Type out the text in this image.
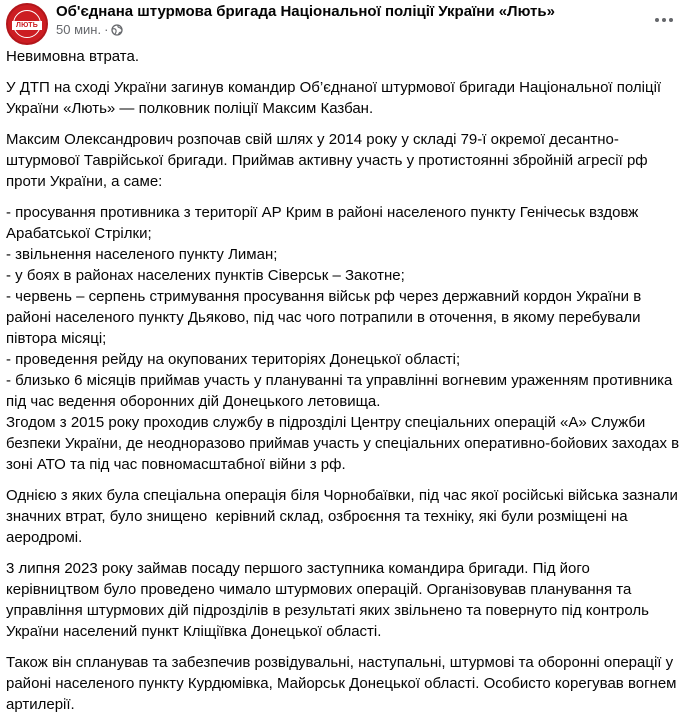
ЛЮТЬ
Об'єднана штурмова бригада Національної поліції України «Лють»
50 мин. ·

Невимовна втрата.

У ДТП на сході України загинув командир Об’єднаної штурмової бригади Національної поліції України «Лють» — полковник поліції Максим Казбан.

Максим Олександрович розпочав свій шлях у 2014 року у складі 79-ї окремої десантно-штурмової Таврійської бригади. Приймав активну участь у протистоянні збройній агресії рф проти України, а саме:

- просування противника з території АР Крим в районі населеного пункту Генічеськ вздовж Арабатської Стрілки;

- звільнення населеного пункту Лиман;

- у боях в районах населених пунктів Сіверськ – Закотне;

- червень – серпень стримування просування військ рф через державний кордон України в районі населеного пункту Дьяково, під час чого потрапили в оточення, в якому перебували півтора місяці;

- проведення рейду на окупованих територіях Донецької області;

- близько 6 місяців приймав участь у плануванні та управлінні вогневим ураженням противника під час ведення оборонних дій Донецького летовища.

Згодом з 2015 року проходив службу в підрозділі Центру спеціальних операцій «А» Служби безпеки України, де неодноразово приймав участь у спеціальних оперативно-бойових заходах в зоні АТО та під час повномасштабної війни з рф.

Однією з яких була спеціальна операція біля Чорнобаївки, під час якої російські війська зазнали значних втрат, було знищено  керівний склад, озброєння та техніку, які були розміщені на аеродромі.

3 липня 2023 року займав посаду першого заступника командира бригади. Під його керівництвом було проведено чимало штурмових операцій. Організовував планування та управління штурмових дій підрозділів в результаті яких звільнено та повернуто під контроль України населений пункт Кліщіївка Донецької області.

Також він спланував та забезпечив розвідувальні, наступальні, штурмові та оборонні операції у районі населеного пункту Курдюмівка, Майорськ Донецької області. Особисто корегував вогнем артилерії.
